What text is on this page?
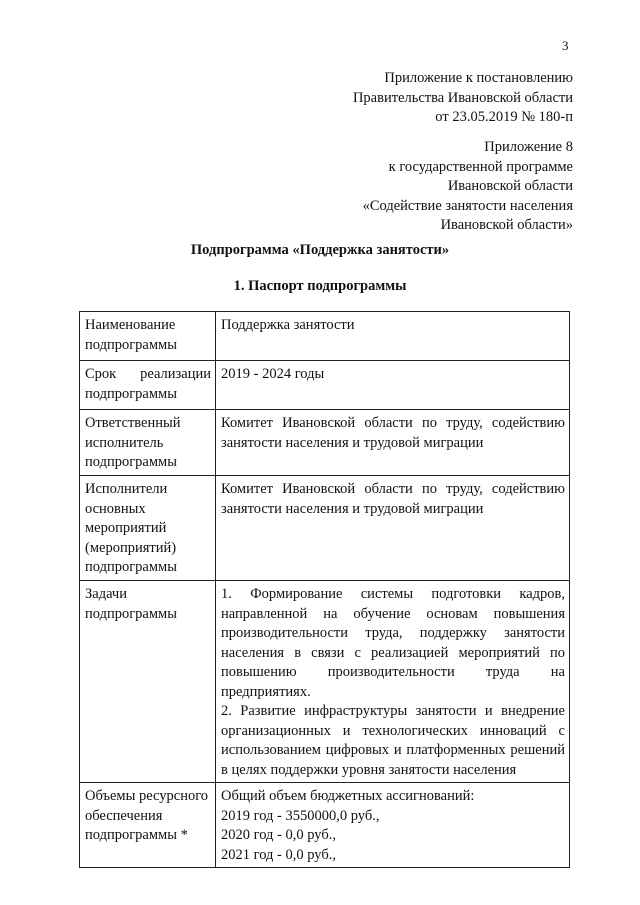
3
Приложение к постановлению
Правительства Ивановской области
от 23.05.2019 № 180-п
Приложение 8
к государственной программе
Ивановской области
«Содействие занятости населения
Ивановской области»
Подпрограмма «Поддержка занятости»
1. Паспорт подпрограммы
Наименование подпрограммы	Поддержка занятости
Срок реализации подпрограммы	2019 - 2024 годы
Ответственный исполнитель подпрограммы	Комитет Ивановской области по труду, содействию занятости населения и трудовой миграции
Исполнители основных мероприятий (мероприятий) подпрограммы	Комитет Ивановской области по труду, содействию занятости населения и трудовой миграции
Задачи подпрограммы	1. Формирование системы подготовки кадров, направленной на обучение основам повышения производительности труда, поддержку занятости населения в связи с реализацией мероприятий по повышению производительности труда на предприятиях.
2. Развитие инфраструктуры занятости и внедрение организационных и технологических инноваций с использованием цифровых и платформенных решений в целях поддержки уровня занятости населения
Объемы ресурсного обеспечения подпрограммы *	Общий объем бюджетных ассигнований:
2019 год - 3550000,0 руб.,
2020 год - 0,0 руб.,
2021 год - 0,0 руб.,
